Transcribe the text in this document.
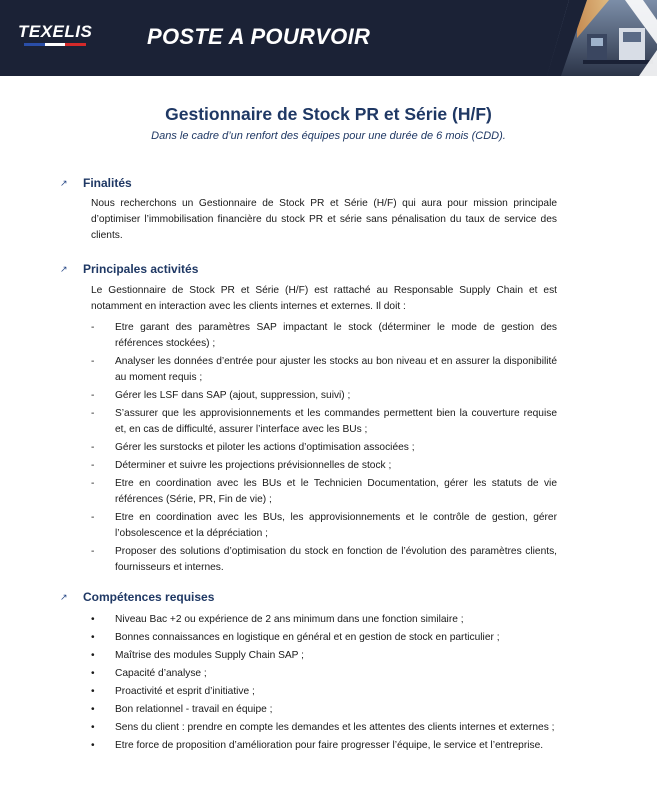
TEXELIS POSTE A POURVOIR
Gestionnaire de Stock PR et Série (H/F)
Dans le cadre d’un renfort des équipes pour une durée de 6 mois (CDD).
↗	Finalités
Nous recherchons un Gestionnaire de Stock PR et Série (H/F) qui aura pour mission principale d’optimiser l’immobilisation financière du stock PR et série sans pénalisation du taux de service des clients.
↗	Principales activités
Le Gestionnaire de Stock PR et Série (H/F) est rattaché au Responsable Supply Chain et est notamment en interaction avec les clients internes et externes. Il doit :
-	Etre garant des paramètres SAP impactant le stock (déterminer le mode de gestion des références stockées) ;
-	Analyser les données d’entrée pour ajuster les stocks au bon niveau et en assurer la disponibilité au moment requis ;
-	Gérer les LSF dans SAP (ajout, suppression, suivi) ;
-	S’assurer que les approvisionnements et les commandes permettent bien la couverture requise et, en cas de difficulté, assurer l’interface avec les BUs ;
-	Gérer les surstocks et piloter les actions d’optimisation associées ;
-	Déterminer et suivre les projections prévisionnelles de stock ;
-	Etre en coordination avec les BUs et le Technicien Documentation, gérer les statuts de vie références (Série, PR, Fin de vie) ;
-	Etre en coordination avec les BUs, les approvisionnements et le contrôle de gestion, gérer l’obsolescence et la dépréciation ;
-	Proposer des solutions d’optimisation du stock en fonction de l’évolution des paramètres clients, fournisseurs et internes.
↗	Compétences requises
•	Niveau Bac +2 ou expérience de 2 ans minimum dans une fonction similaire ;
•	Bonnes connaissances en logistique en général et en gestion de stock en particulier ;
•	Maîtrise des modules Supply Chain SAP ;
•	Capacité d’analyse ;
•	Proactivité et esprit d’initiative ;
•	Bon relationnel - travail en équipe ;
•	Sens du client : prendre en compte les demandes et les attentes des clients internes et externes ;
•	Etre force de proposition d’amélioration pour faire progresser l’équipe, le service et l’entreprise.
